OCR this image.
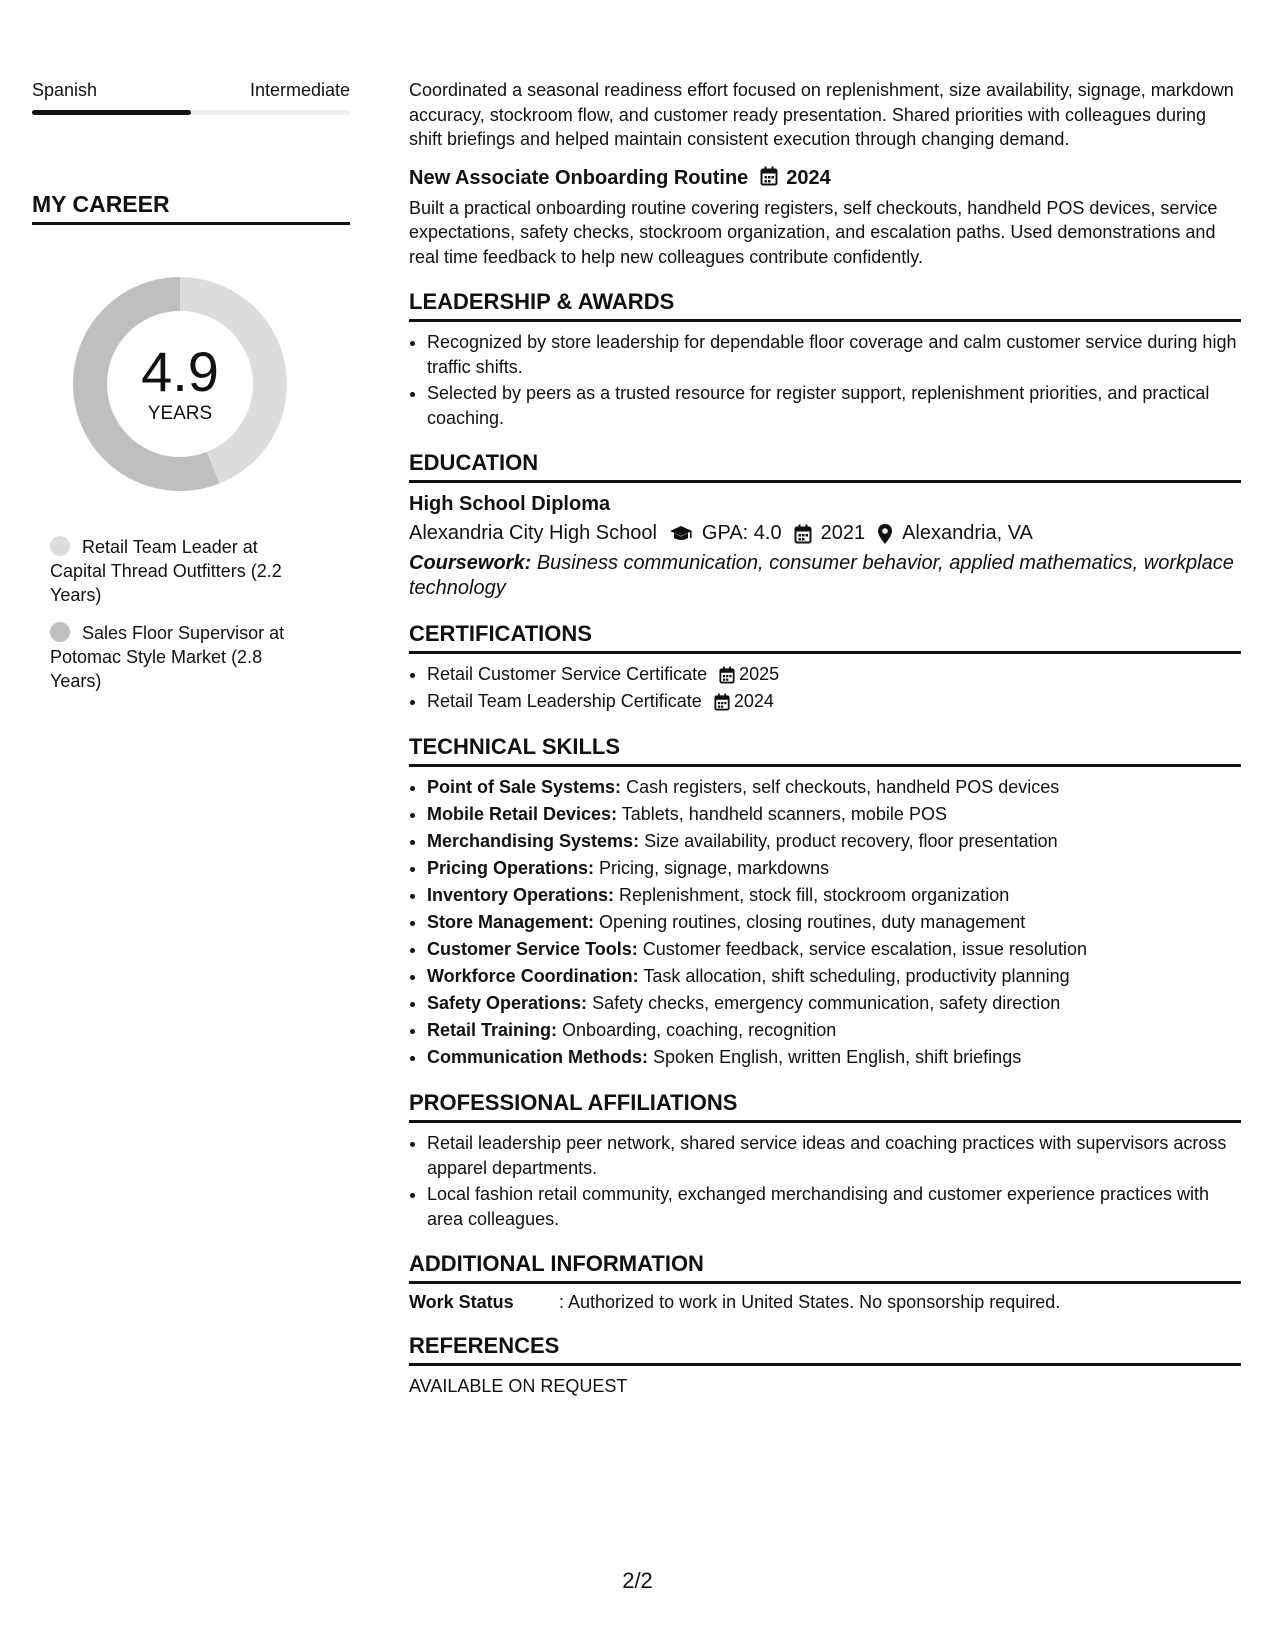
Spanish	Intermediate
MY CAREER
4.9
YEARS
Retail Team Leader at Capital Thread Outfitters (2.2 Years)
Sales Floor Supervisor at Potomac Style Market (2.8 Years)

Coordinated a seasonal readiness effort focused on replenishment, size availability, signage, markdown accuracy, stockroom flow, and customer ready presentation. Shared priorities with colleagues during shift briefings and helped maintain consistent execution through changing demand.

New Associate Onboarding Routine 2024

Built a practical onboarding routine covering registers, self checkouts, handheld POS devices, service expectations, safety checks, stockroom organization, and escalation paths. Used demonstrations and real time feedback to help new colleagues contribute confidently.

LEADERSHIP & AWARDS
• Recognized by store leadership for dependable floor coverage and calm customer service during high traffic shifts.
• Selected by peers as a trusted resource for register support, replenishment priorities, and practical coaching.
EDUCATION
High School Diploma
Alexandria City High School GPA: 4.0 2021 Alexandria, VA
Coursework: Business communication, consumer behavior, applied mathematics, workplace technology
CERTIFICATIONS
• Retail Customer Service Certificate 2025
• Retail Team Leadership Certificate 2024
TECHNICAL SKILLS
• Point of Sale Systems: Cash registers, self checkouts, handheld POS devices
• Mobile Retail Devices: Tablets, handheld scanners, mobile POS
• Merchandising Systems: Size availability, product recovery, floor presentation
• Pricing Operations: Pricing, signage, markdowns
• Inventory Operations: Replenishment, stock fill, stockroom organization
• Store Management: Opening routines, closing routines, duty management
• Customer Service Tools: Customer feedback, service escalation, issue resolution
• Workforce Coordination: Task allocation, shift scheduling, productivity planning
• Safety Operations: Safety checks, emergency communication, safety direction
• Retail Training: Onboarding, coaching, recognition
• Communication Methods: Spoken English, written English, shift briefings
PROFESSIONAL AFFILIATIONS
• Retail leadership peer network, shared service ideas and coaching practices with supervisors across apparel departments.
• Local fashion retail community, exchanged merchandising and customer experience practices with area colleagues.
ADDITIONAL INFORMATION
Work Status	: Authorized to work in United States. No sponsorship required.
REFERENCES
AVAILABLE ON REQUEST
2/2
